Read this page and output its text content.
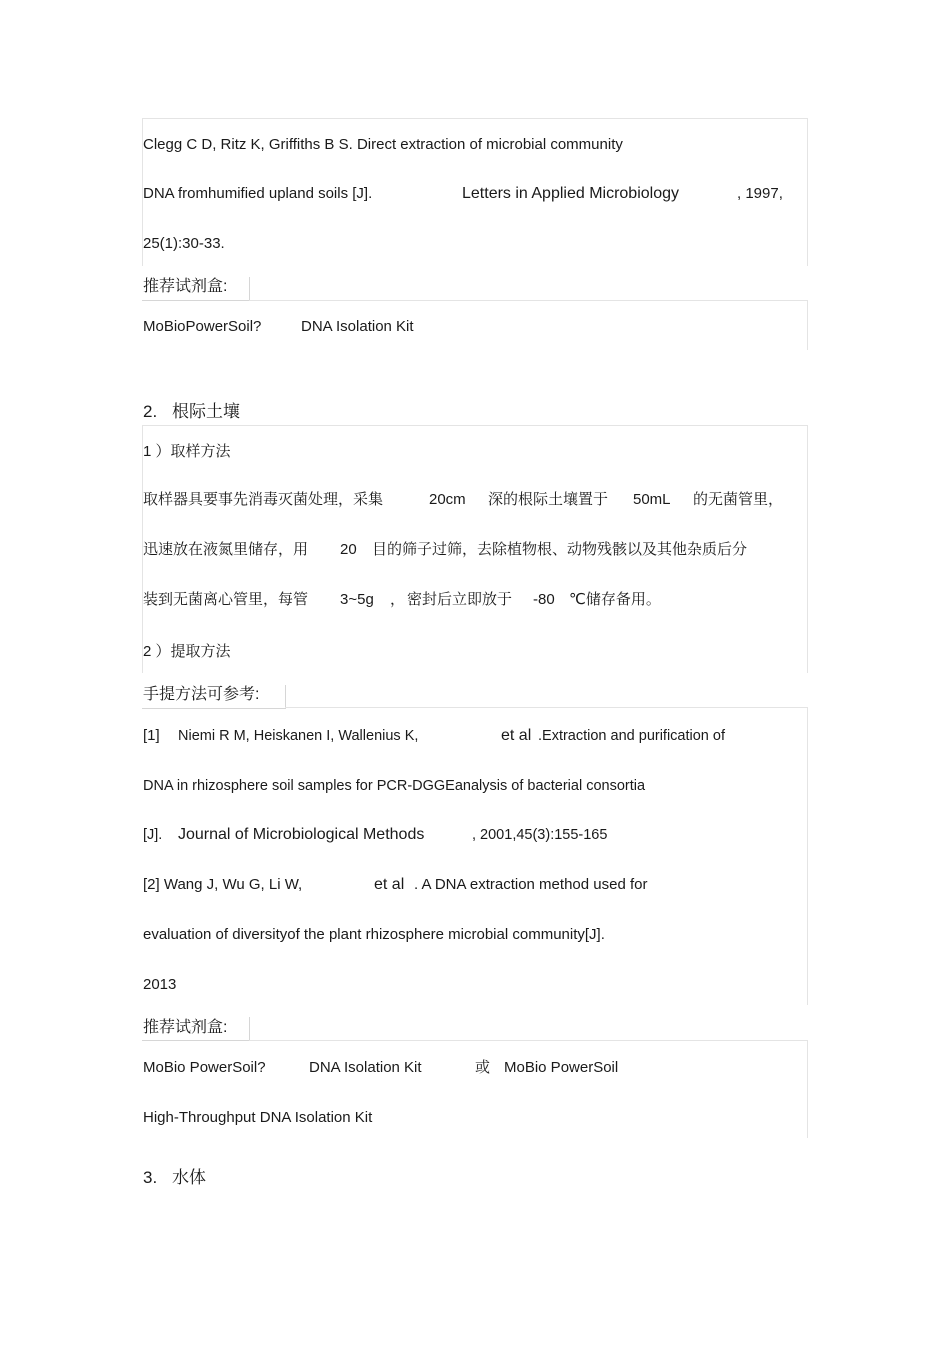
Clegg C D, Ritz K, Griffiths B S. Direct extraction of microbial community
DNA fromhumified upland soils [J].	Letters in Applied Microbiology	, 1997,
25(1):30-33.
推荐试剂盒:
MoBioPowerSoil?	DNA Isolation Kit
2. 根际土壤
1 ）取样方法
取样器具要事先消毒灭菌处理，采集	20cm 深的根际土壤置于 50mL 的无菌管里，
迅速放在液氮里储存，用 20 目的筛子过筛，去除植物根、动物残骸以及其他杂质后分
装到无菌离心管里，每管 3~5g ， 密封后立即放于 -80 ℃储存备用。
2 ）提取方法
手提方法可参考:
[1] Niemi R M, Heiskanen I, Wallenius K,	et al .Extraction and purification of
DNA in rhizosphere soil samples for PCR-DGGEanalysis of bacterial consortia
[J]. Journal of Microbiological Methods	, 2001,45(3):155-165
[2] Wang J, Wu G, Li W,	et al . A DNA extraction method used for
evaluation of diversityof the plant rhizosphere microbial community[J].
2013
推荐试剂盒:
MoBio PowerSoil?	DNA Isolation Kit	或 MoBio PowerSoil
High-Throughput DNA Isolation Kit
3. 水体
